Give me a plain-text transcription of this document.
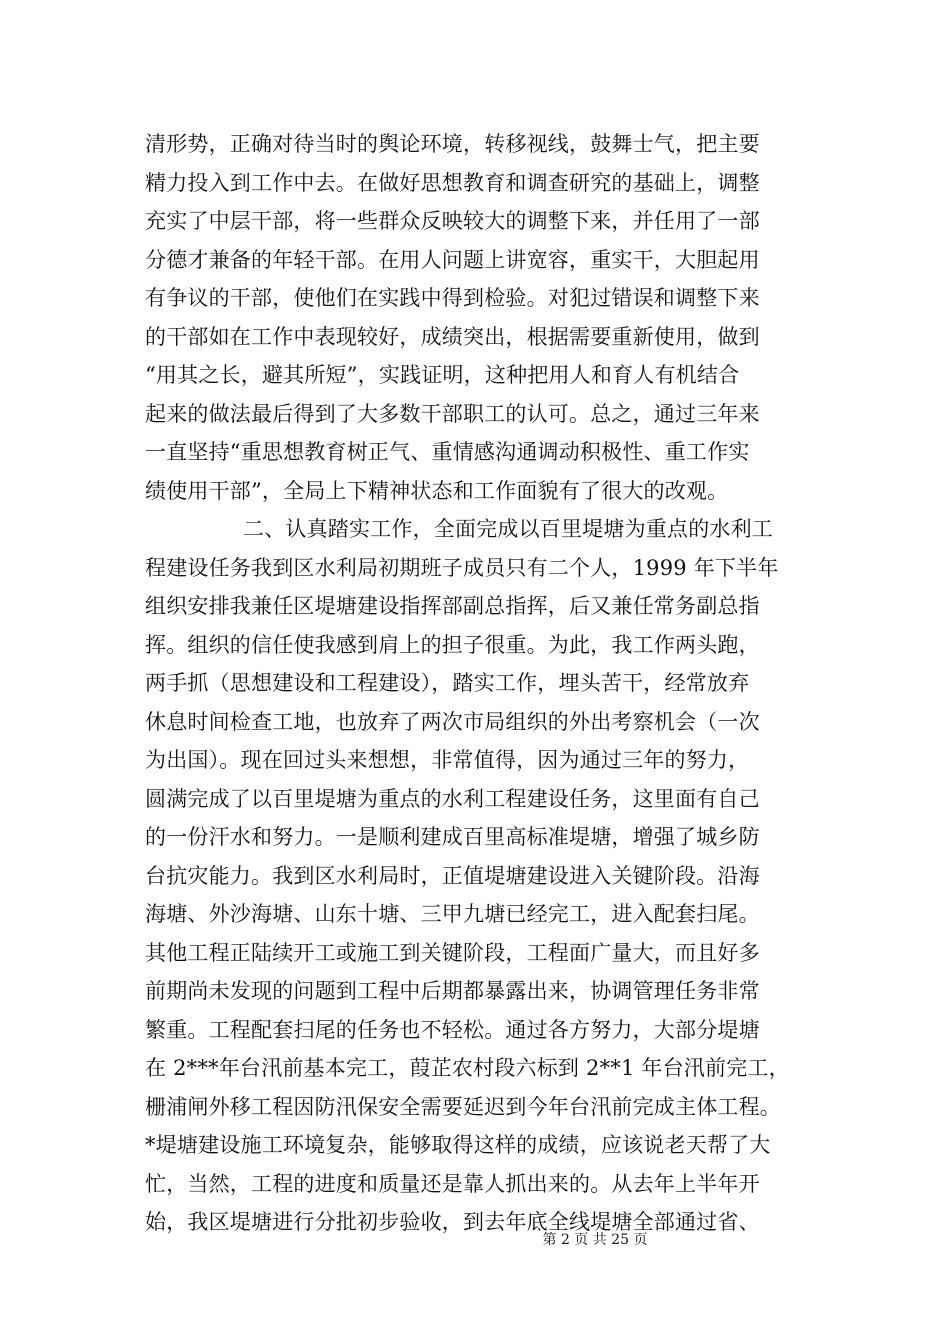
清形势，正确对待当时的舆论环境，转移视线，鼓舞士气，把主要
精力投入到工作中去。在做好思想教育和调查研究的基础上，调整
充实了中层干部，将一些群众反映较大的调整下来，并任用了一部
分德才兼备的年轻干部。在用人问题上讲宽容，重实干，大胆起用
有争议的干部，使他们在实践中得到检验。对犯过错误和调整下来
的干部如在工作中表现较好，成绩突出，根据需要重新使用，做到
“用其之长，避其所短”，实践证明，这种把用人和育人有机结合
起来的做法最后得到了大多数干部职工的认可。总之，通过三年来
一直坚持“重思想教育树正气、重情感沟通调动积极性、重工作实
绩使用干部”，全局上下精神状态和工作面貌有了很大的改观。
二、认真踏实工作，全面完成以百里堤塘为重点的水利工
程建设任务我到区水利局初期班子成员只有二个人，1999 年下半年
组织安排我兼任区堤塘建设指挥部副总指挥，后又兼任常务副总指
挥。组织的信任使我感到肩上的担子很重。为此，我工作两头跑，
两手抓（思想建设和工程建设），踏实工作，埋头苦干，经常放弃
休息时间检查工地，也放弃了两次市局组织的外出考察机会（一次
为出国）。现在回过头来想想，非常值得，因为通过三年的努力，
圆满完成了以百里堤塘为重点的水利工程建设任务，这里面有自己
的一份汗水和努力。一是顺利建成百里高标准堤塘，增强了城乡防
台抗灾能力。我到区水利局时，正值堤塘建设进入关键阶段。沿海
海塘、外沙海塘、山东十塘、三甲九塘已经完工，进入配套扫尾。
其他工程正陆续开工或施工到关键阶段，工程面广量大，而且好多
前期尚未发现的问题到工程中后期都暴露出来，协调管理任务非常
繁重。工程配套扫尾的任务也不轻松。通过各方努力，大部分堤塘
在 2***年台汛前基本完工，葭芷农村段六标到 2**1 年台汛前完工，
栅浦闸外移工程因防汛保安全需要延迟到今年台汛前完成主体工程。
*堤塘建设施工环境复杂，能够取得这样的成绩，应该说老天帮了大
忙，当然，工程的进度和质量还是靠人抓出来的。从去年上半年开
始，我区堤塘进行分批初步验收，到去年底全线堤塘全部通过省、
第 2 页 共 25 页
